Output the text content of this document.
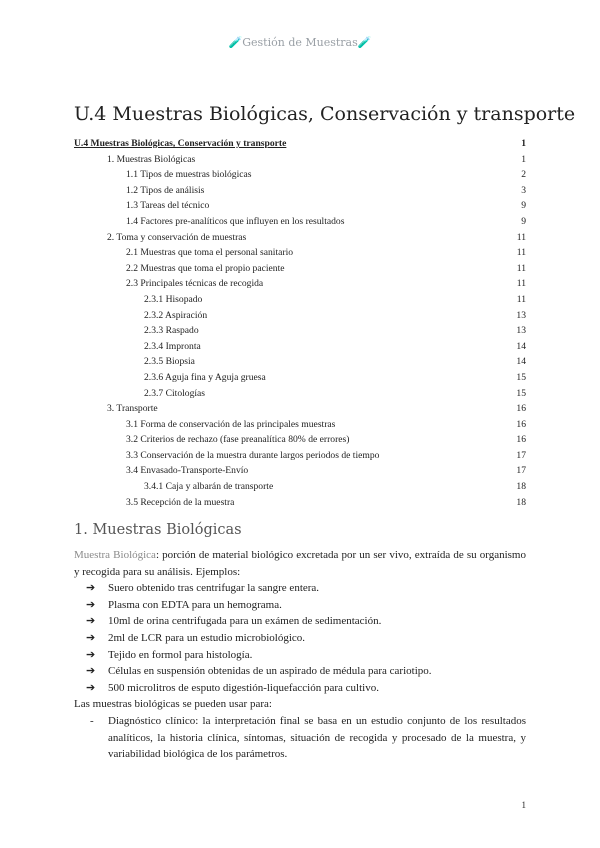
🧪Gestión de Muestras🧪
U.4 Muestras Biológicas, Conservación y transporte
U.4 Muestras Biológicas, Conservación y transporte	1
1. Muestras Biológicas	1
1.1 Tipos de muestras biológicas	2
1.2 Tipos de análisis	3
1.3 Tareas del técnico	9
1.4 Factores pre-analíticos que influyen en los resultados	9
2. Toma y conservación de muestras	11
2.1 Muestras que toma el personal sanitario	11
2.2 Muestras que toma el propio paciente	11
2.3 Principales técnicas de recogida	11
2.3.1 Hisopado	11
2.3.2 Aspiración	13
2.3.3 Raspado	13
2.3.4 Impronta	14
2.3.5 Biopsia	14
2.3.6 Aguja fina y Aguja gruesa	15
2.3.7 Citologías	15
3. Transporte	16
3.1 Forma de conservación de las principales muestras	16
3.2 Criterios de rechazo (fase preanalítica 80% de errores)	16
3.3 Conservación de la muestra durante largos periodos de tiempo	17
3.4 Envasado-Transporte-Envío	17
3.4.1 Caja y albarán de transporte	18
3.5 Recepción de la muestra	18
1. Muestras Biológicas

Muestra Biológica: porción de material biológico excretada por un ser vivo, extraída de su organismo y recogida para su análisis. Ejemplos:

➔ Suero obtenido tras centrifugar la sangre entera.
➔ Plasma con EDTA para un hemograma.
➔ 10ml de orina centrifugada para un exámen de sedimentación.
➔ 2ml de LCR para un estudio microbiológico.
➔ Tejido en formol para histología.
➔ Células en suspensión obtenidas de un aspirado de médula para cariotipo.
➔ 500 microlitros de esputo digestión-liquefacción para cultivo.

Las muestras biológicas se pueden usar para:

- Diagnóstico clínico: la interpretación final se basa en un estudio conjunto de los resultados analíticos, la historia clínica, síntomas, situación de recogida y procesado de la muestra, y variabilidad biológica de los parámetros.
1
